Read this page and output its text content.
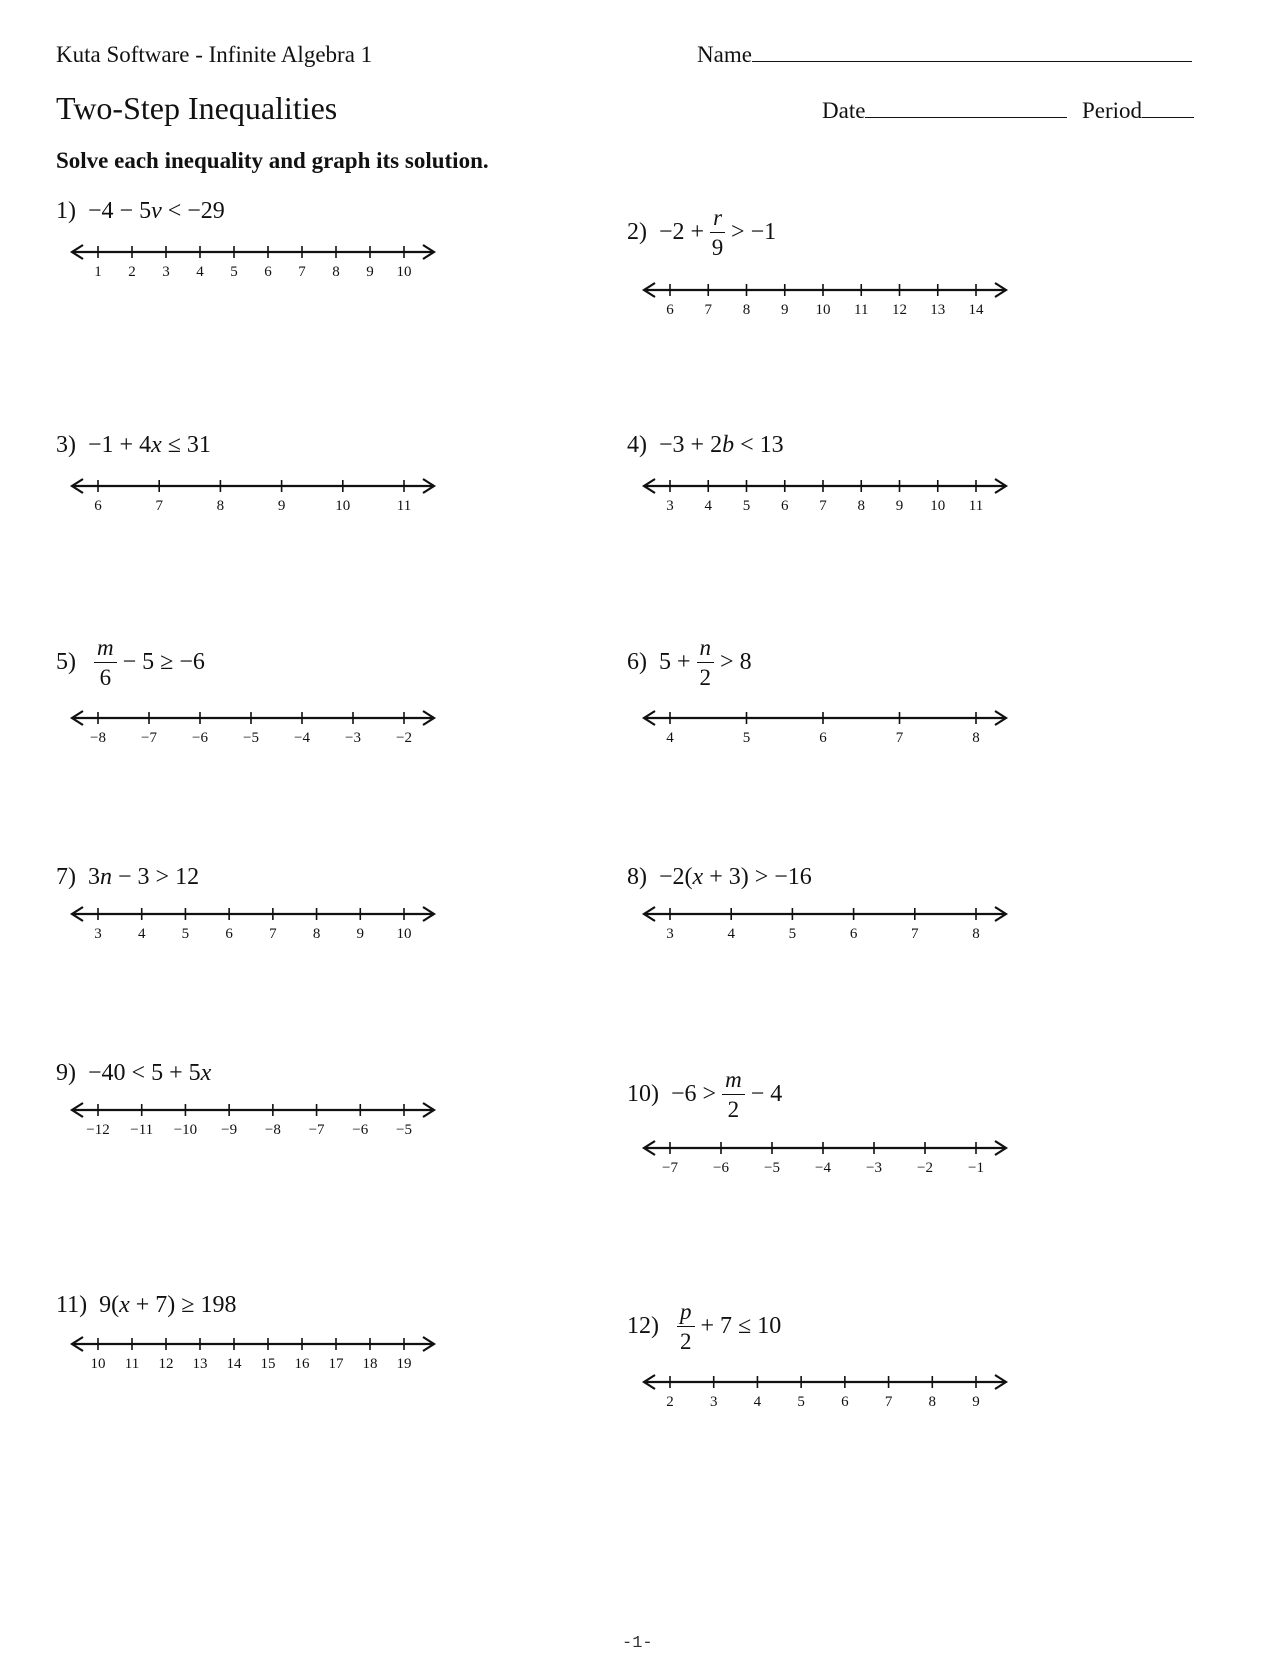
Kuta Software - Infinite Algebra 1	Name
Two-Step Inequalities	Date	Period
Solve each inequality and graph its solution.
1) −4 − 5 v < −29
$2) -2 + \frac{r}{9} > -1$
3) −1 + 4 x ≤ 31	4) −3 + 2 b < 13
$5) \frac{m}{6} - 5 \ge -6$	6) $5 + \frac{n}{2} > 8$
7) 3 n − 3 > 12	8) −2( x + 3) > −16
9) −40 < 5 + 5 x
$10) -6 > \frac{m}{2} - 4$
11) 9( x + 7) ≥ 198
$12) \frac{p}{2} + 7 \le 10$
1 2 3 4 5 6 7 8 9 10
6 7 8 9 10 11 12 13 14
6	7	8	9	10	11	3 4 5 6 7 8 9 10 11
−8 −7 −6 −5 −4 −3 −2	4	5	6	7	8
3 4 5 6 7 8 9 10	3	4	5	6	7	8
−12 −11 −10 −9 −8 −7 −6 −5
−7 −6 −5 −4 −3 −2 −1
10 11 12 13 14 15 16 17 18 19
2 3 4 5 6 7 8 9
-1-
